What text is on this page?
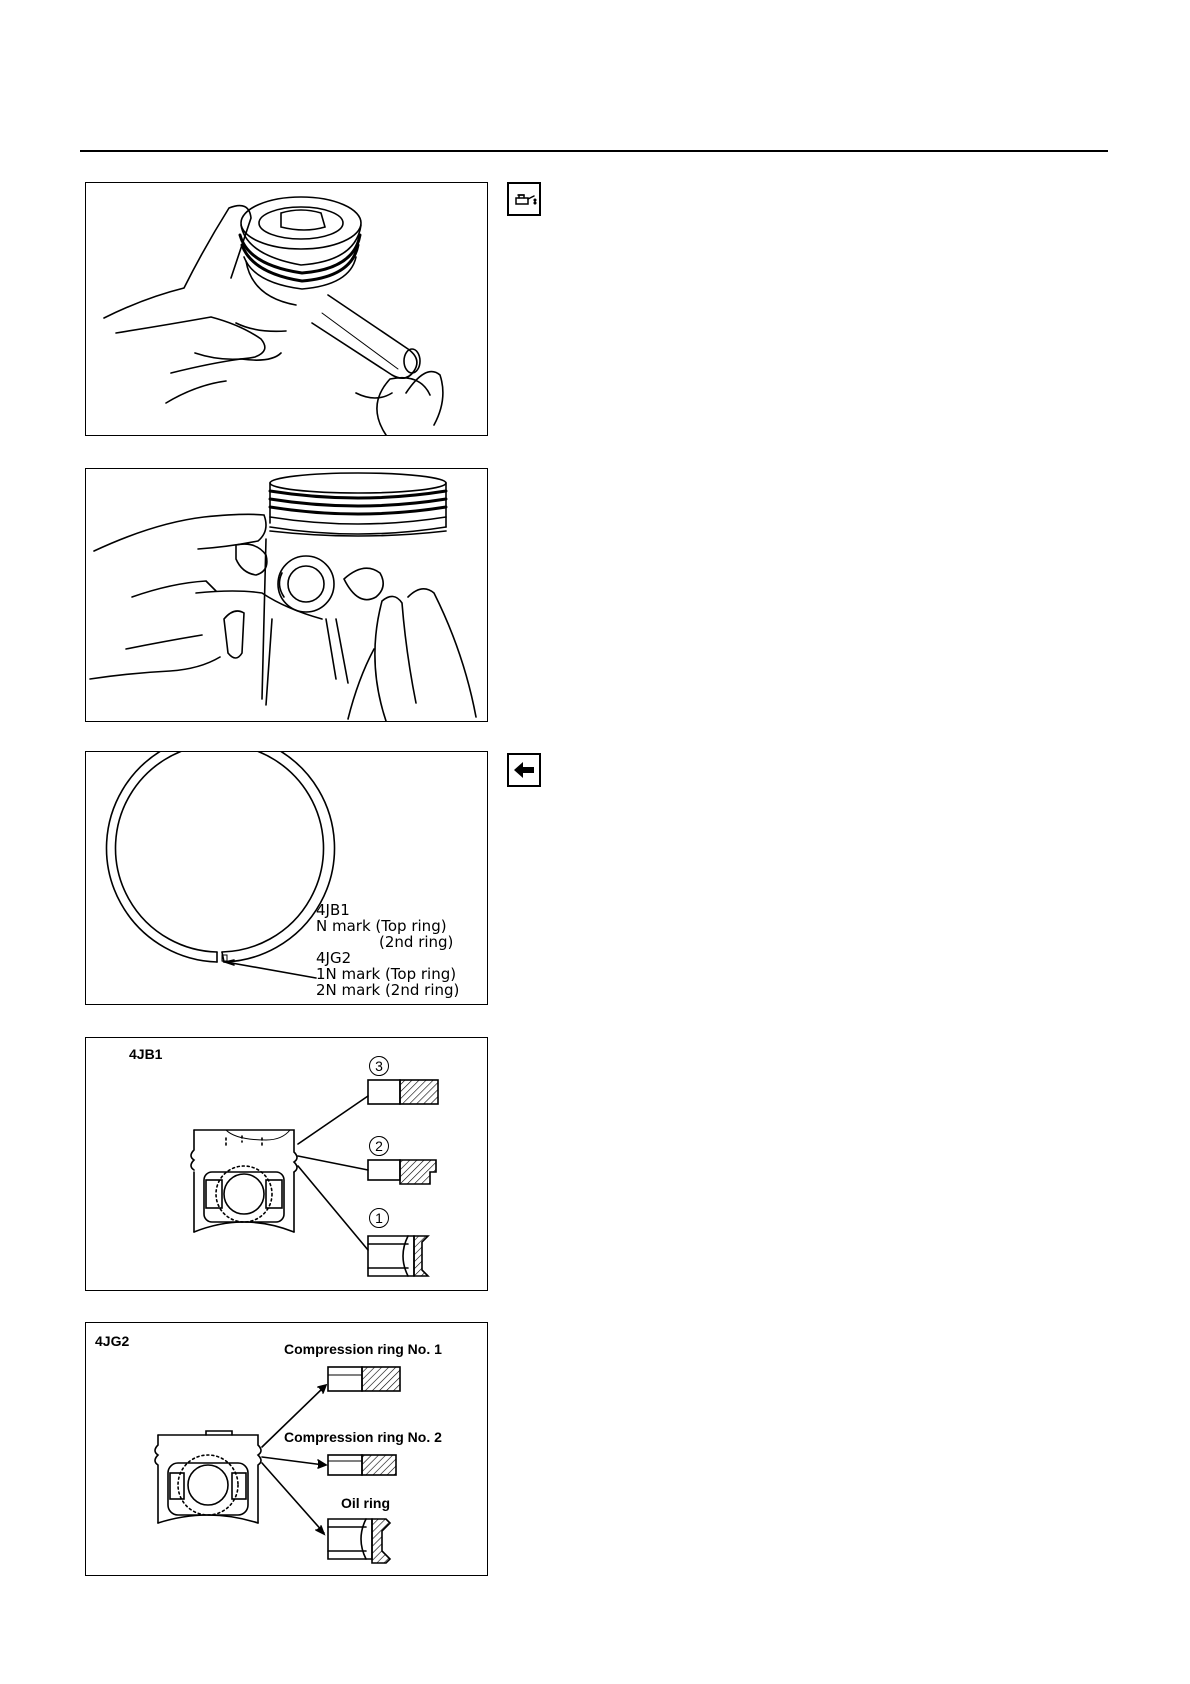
4JB1
N mark (Top ring)
(2nd ring)
4JG2
1N mark (Top ring)
2N mark (2nd ring)
4JB1
3
2
1
4JG2	Compression ring No. 1
Compression ring No. 2
Oil ring
